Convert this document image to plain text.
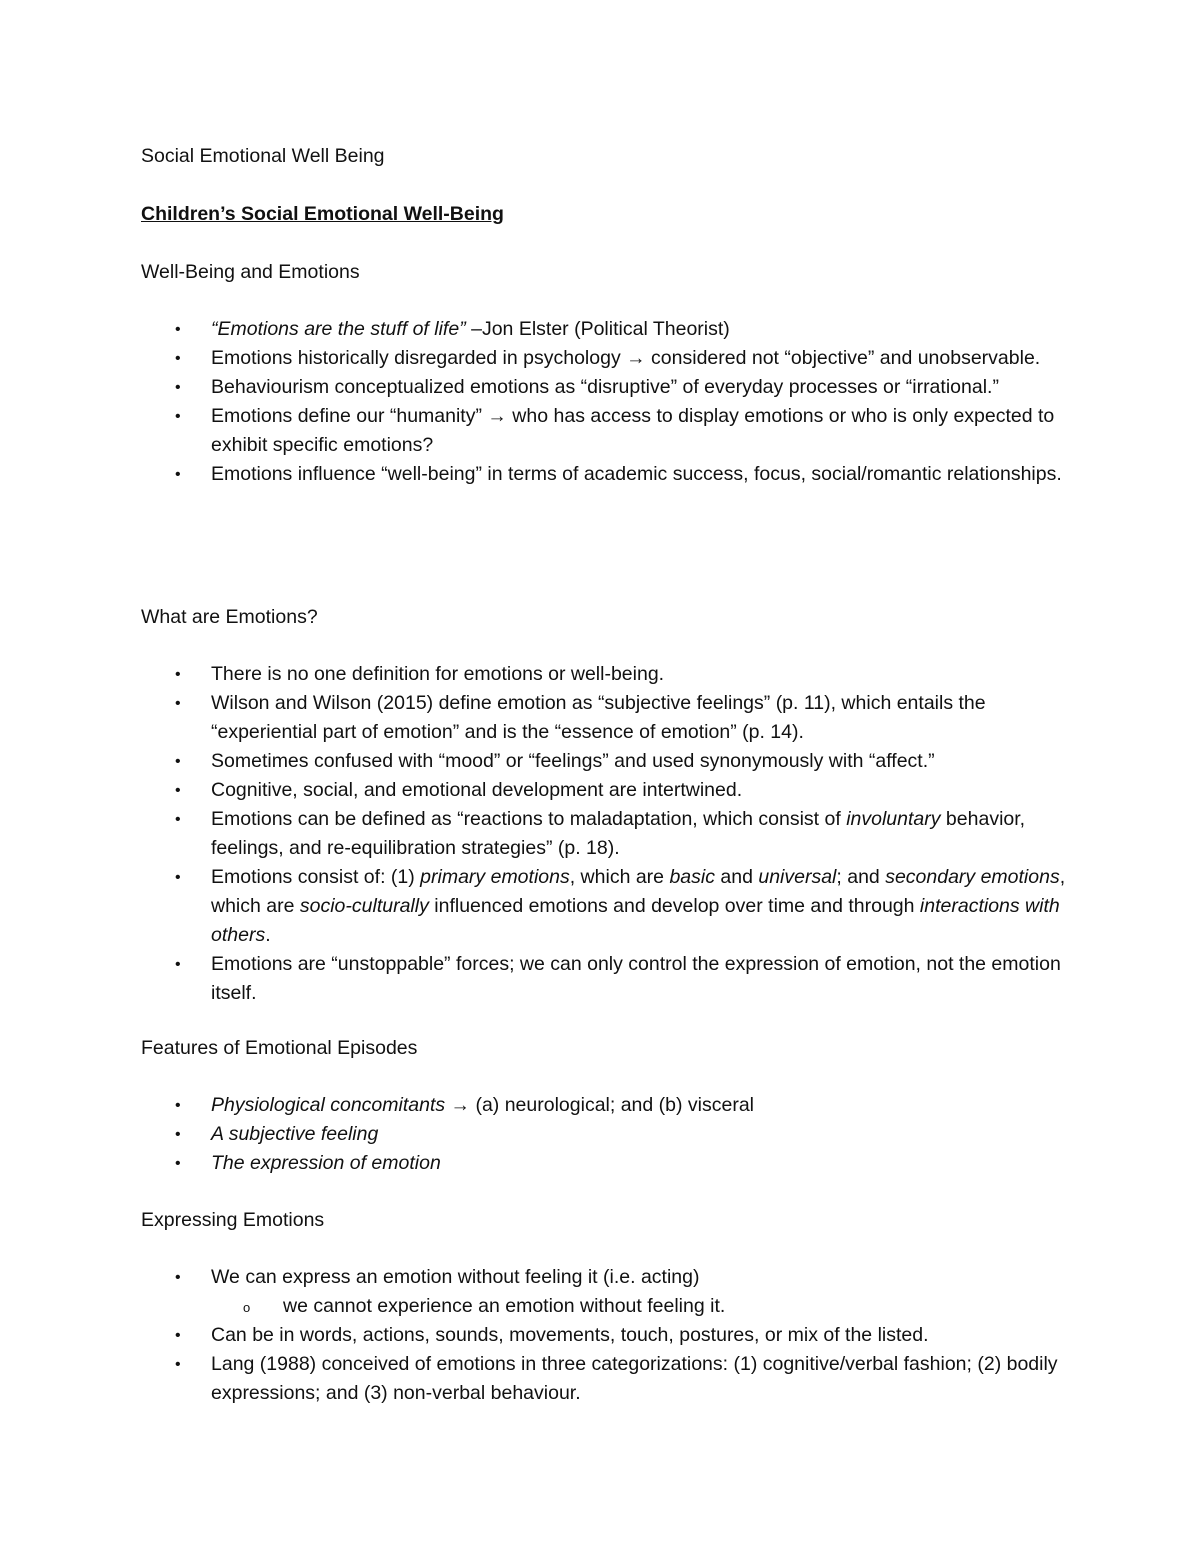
Social Emotional Well Being
Children’s Social Emotional Well-Being
Well-Being and Emotions
• “Emotions are the stuff of life” –Jon Elster (Political Theorist)
• Emotions historically disregarded in psychology → considered not “objective” and unobservable.
• Behaviourism conceptualized emotions as “disruptive” of everyday processes or “irrational.”
• Emotions define our “humanity” → who has access to display emotions or who is only expected to exhibit specific emotions?
• Emotions influence “well-being” in terms of academic success, focus, social/romantic relationships.
What are Emotions?
• There is no one definition for emotions or well-being.
• Wilson and Wilson (2015) define emotion as “subjective feelings” (p. 11), which entails the “experiential part of emotion” and is the “essence of emotion” (p. 14).
• Sometimes confused with “mood” or “feelings” and used synonymously with “affect.”
• Cognitive, social, and emotional development are intertwined.
• Emotions can be defined as “reactions to maladaptation, which consist of involuntary behavior, feelings, and re-equilibration strategies” (p. 18).
• Emotions consist of: (1) primary emotions, which are basic and universal; and secondary emotions, which are socio-culturally influenced emotions and develop over time and through interactions with others.
• Emotions are “unstoppable” forces; we can only control the expression of emotion, not the emotion itself.
Features of Emotional Episodes
• Physiological concomitants → (a) neurological; and (b) visceral
• A subjective feeling
• The expression of emotion
Expressing Emotions
• We can express an emotion without feeling it (i.e. acting)
o we cannot experience an emotion without feeling it.
• Can be in words, actions, sounds, movements, touch, postures, or mix of the listed.
• Lang (1988) conceived of emotions in three categorizations: (1) cognitive/verbal fashion; (2) bodily expressions; and (3) non-verbal behaviour.
